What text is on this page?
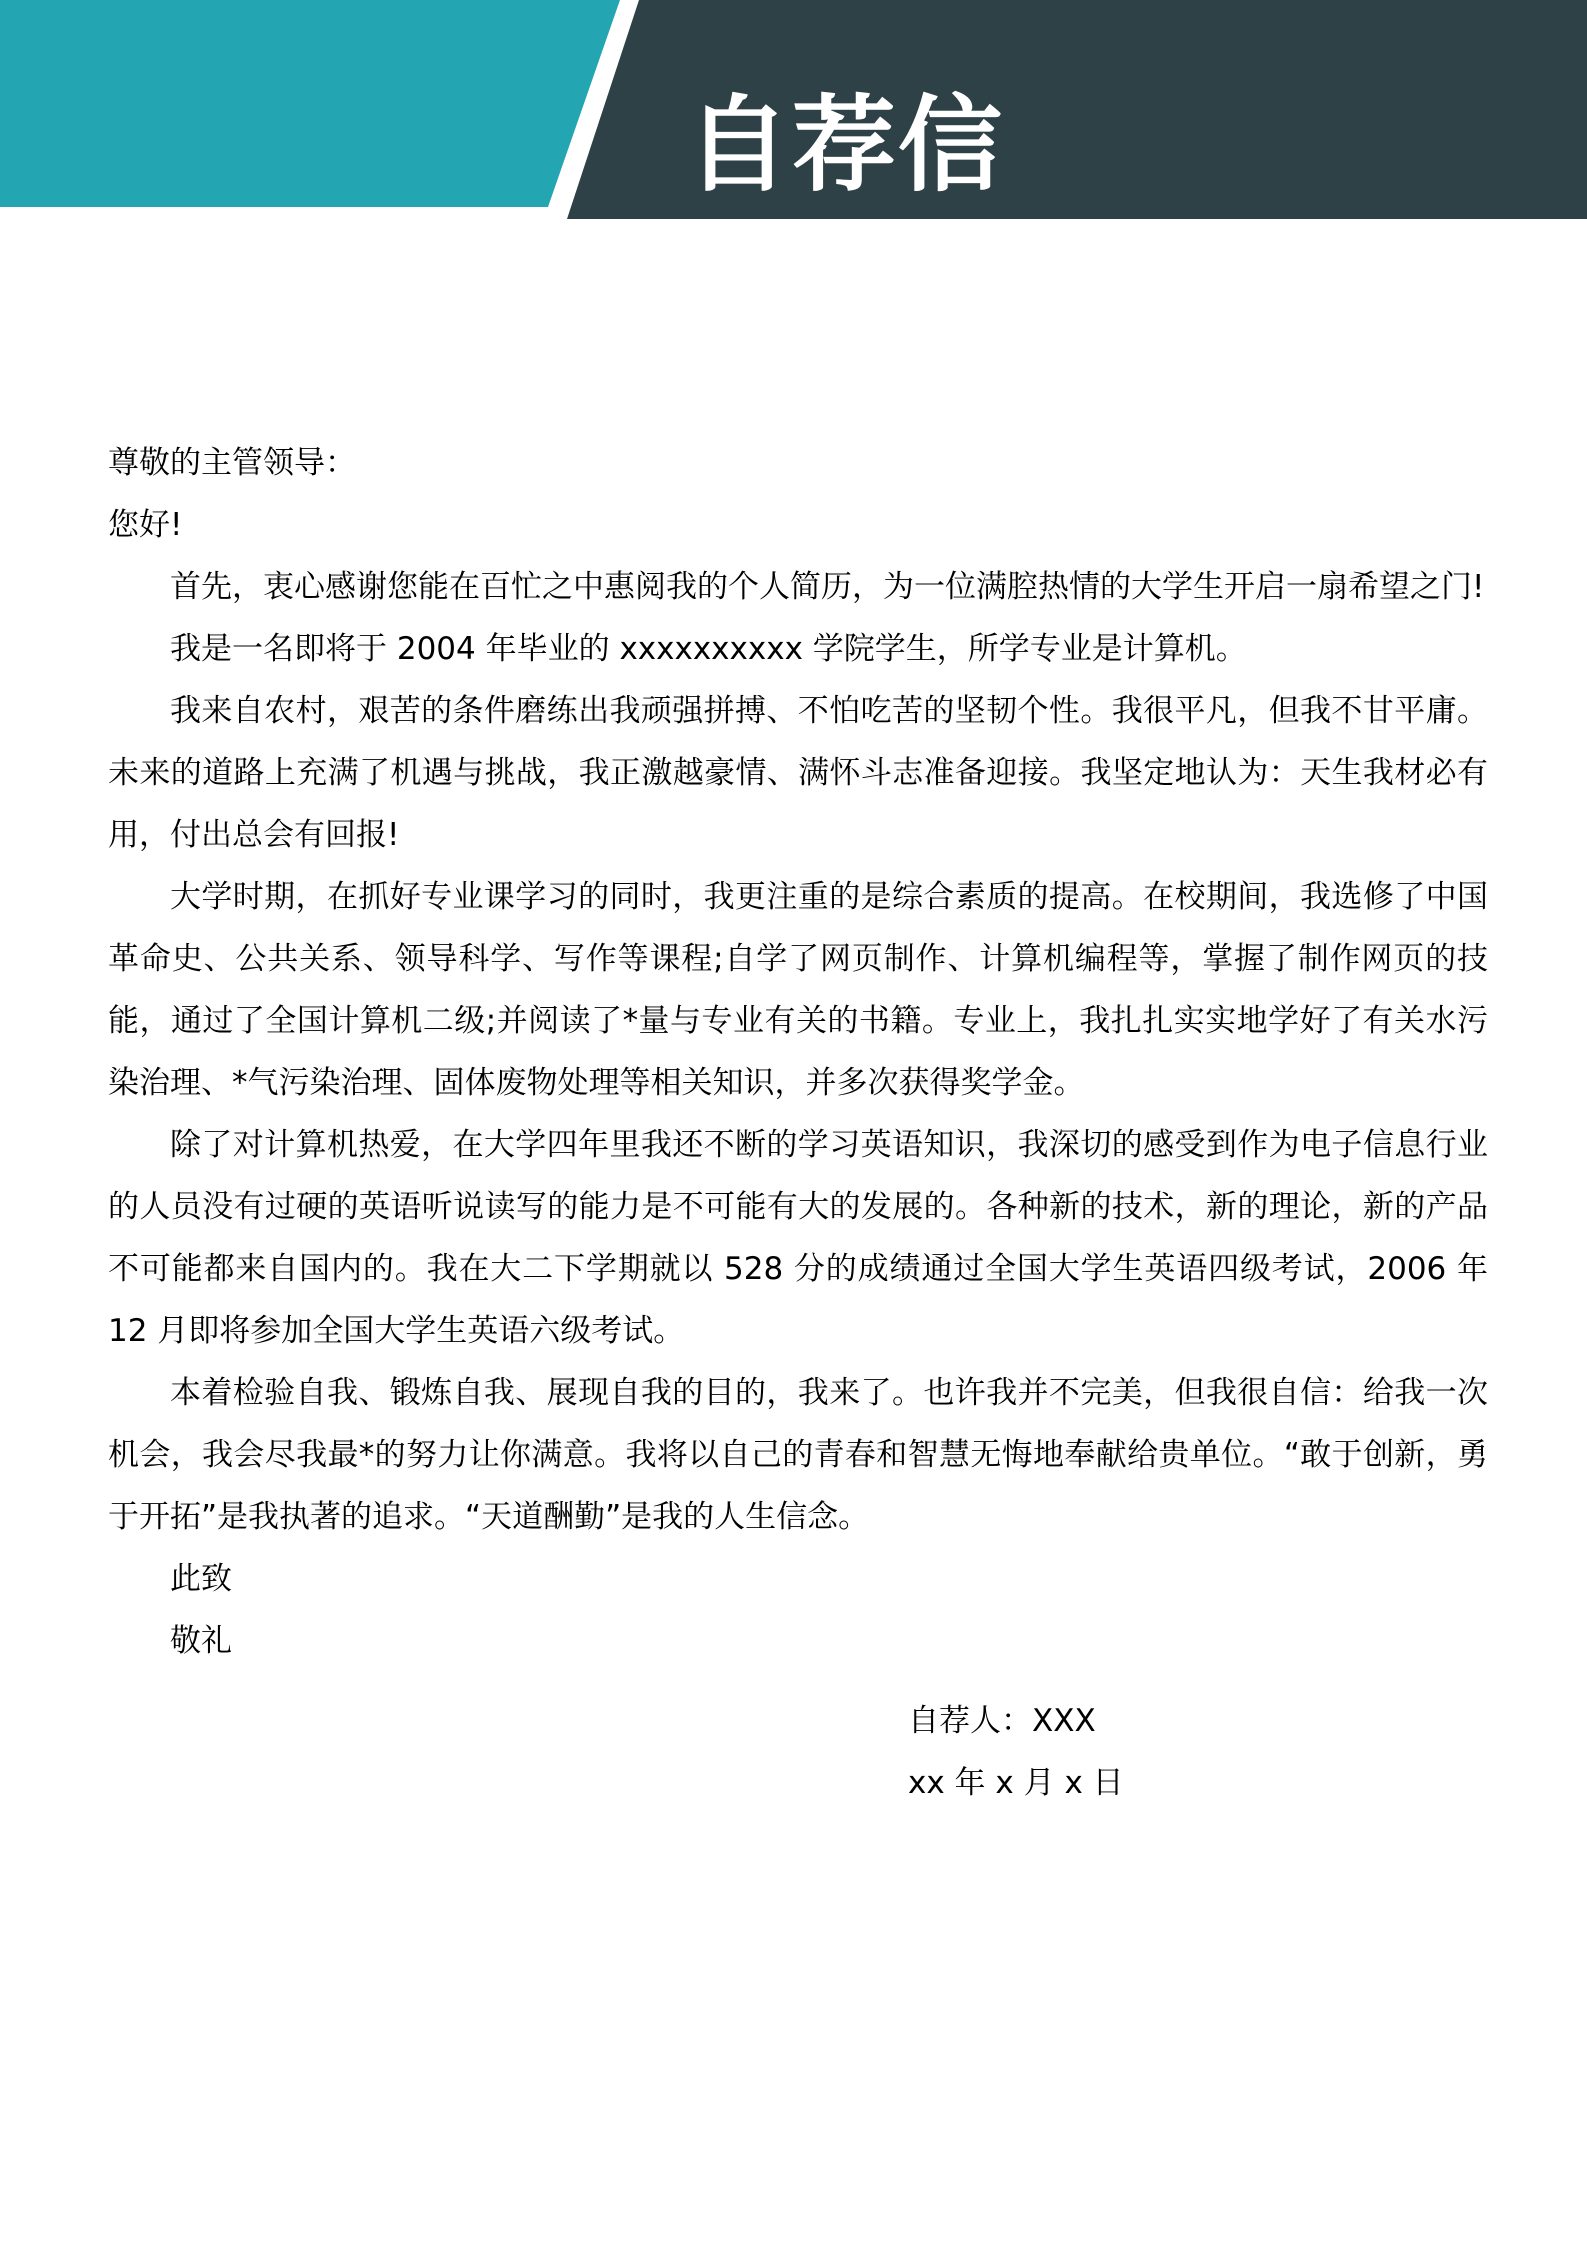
自荐信
尊敬的主管领导：
您好!
首先，衷心感谢您能在百忙之中惠阅我的个人简历，为一位满腔热情的大学生开启一扇希望之门!
我是一名即将于 2004 年毕业的 xxxxxxxxxx 学院学生，所学专业是计算机。
我来自农村，艰苦的条件磨练出我顽强拼搏、不怕吃苦的坚韧个性。我很平凡，但我不甘平庸。未来的道路上充满了机遇与挑战，我正激越豪情、满怀斗志准备迎接。我坚定地认为：天生我材必有用，付出总会有回报!
大学时期，在抓好专业课学习的同时，我更注重的是综合素质的提高。在校期间，我选修了中国革命史、公共关系、领导科学、写作等课程;自学了网页制作、计算机编程等，掌握了制作网页的技能，通过了全国计算机二级;并阅读了*量与专业有关的书籍。专业上，我扎扎实实地学好了有关水污染治理、*气污染治理、固体废物处理等相关知识，并多次获得奖学金。
除了对计算机热爱，在大学四年里我还不断的学习英语知识，我深切的感受到作为电子信息行业的人员没有过硬的英语听说读写的能力是不可能有大的发展的。各种新的技术，新的理论，新的产品不可能都来自国内的。我在大二下学期就以 528 分的成绩通过全国大学生英语四级考试，2006 年 12 月即将参加全国大学生英语六级考试。
本着检验自我、锻炼自我、展现自我的目的，我来了。也许我并不完美，但我很自信：给我一次机会，我会尽我最*的努力让你满意。我将以自己的青春和智慧无悔地奉献给贵单位。“敢于创新，勇于开拓”是我执著的追求。“天道酬勤”是我的人生信念。
此致
敬礼
自荐人：XXX
xx 年 x 月 x 日
